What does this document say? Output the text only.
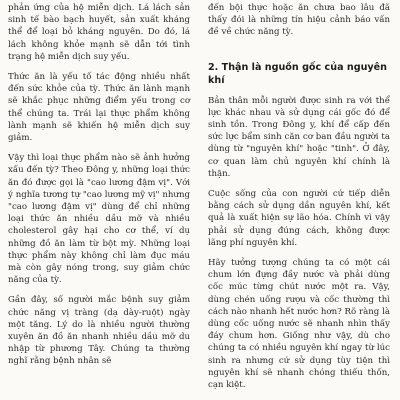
phản ứng của hệ miễn dịch. Lá lách sản sinh tế bào bạch huyết, sản xuất kháng thể để loại bỏ kháng nguyên. Do đó, lá lách không khỏe mạnh sẽ dẫn tới tình trạng hệ miễn dịch suy yếu.

Thức ăn là yếu tố tác động nhiều nhất đến sức khỏe của tỳ. Thức ăn lành mạnh sẽ khắc phục những điểm yếu trong cơ thể chúng ta. Trái lại thực phẩm không lành mạnh sẽ khiến hệ miễn dịch suy giảm.

Vậy thì loại thực phẩm nào sẽ ảnh hưởng xấu đến tỳ? Theo Đông y, những loại thức ăn đó được gọi là "cao lương đậm vị". Với ý nghĩa tương tự "cao lương mỹ vị" nhưng "cao lương đậm vị" dùng để chỉ những loại thức ăn nhiều dầu mỡ và nhiều cholesterol gây hại cho cơ thể, ví dụ những đồ ăn làm từ bột mỳ. Những loại thực phẩm này không chỉ làm đục máu mà còn gây nóng trong, suy giảm chức năng của tỳ.

Gần đây, số người mắc bệnh suy giảm chức năng vị tràng (dạ dày-ruột) ngày một tăng. Lý do là nhiều người thường xuyên ăn đồ ăn nhanh nhiều dầu mỡ du nhập từ phương Tây. Chúng ta thường nghĩ rằng bệnh nhân sẽ

đến bội thực hoặc ăn chưa bao lâu đã thấy đói là những tín hiệu cảnh báo vấn đề về chức năng tỳ.

2. Thận là nguồn gốc của nguyên khí

Bản thân mỗi người được sinh ra với thể lực khác nhau và sử dụng cái gốc đó để sinh tồn. Trong Đông y, khí để cấp đến sức lực bẩm sinh căn cơ ban đầu người ta dùng từ "nguyên khí" hoặc "tinh". Ở đây, cơ quan làm chủ nguyên khí chính là thận.

Cuộc sống của con người cứ tiếp diễn bằng cách sử dụng dần nguyên khí, kết quả là xuất hiện sự lão hóa. Chính vì vậy phải sử dụng đúng cách, không được lãng phí nguyên khí.

Hãy tưởng tượng chúng ta có một cái chum lớn đựng đầy nước và phải dùng cốc múc từng chút nước một ra. Vậy, dùng chén uống rượu và cốc thường thì cách nào nhanh hết nước hơn? Rõ ràng là dùng cốc uống nước sẽ nhanh nhìn thấy đáy chum hơn. Giống như vậy, dù cho chúng ta có nhiều nguyên khí ngay từ lúc sinh ra nhưng cứ sử dụng tùy tiện thì nguyên khí sẽ nhanh chóng thiếu thốn, cạn kiệt.
